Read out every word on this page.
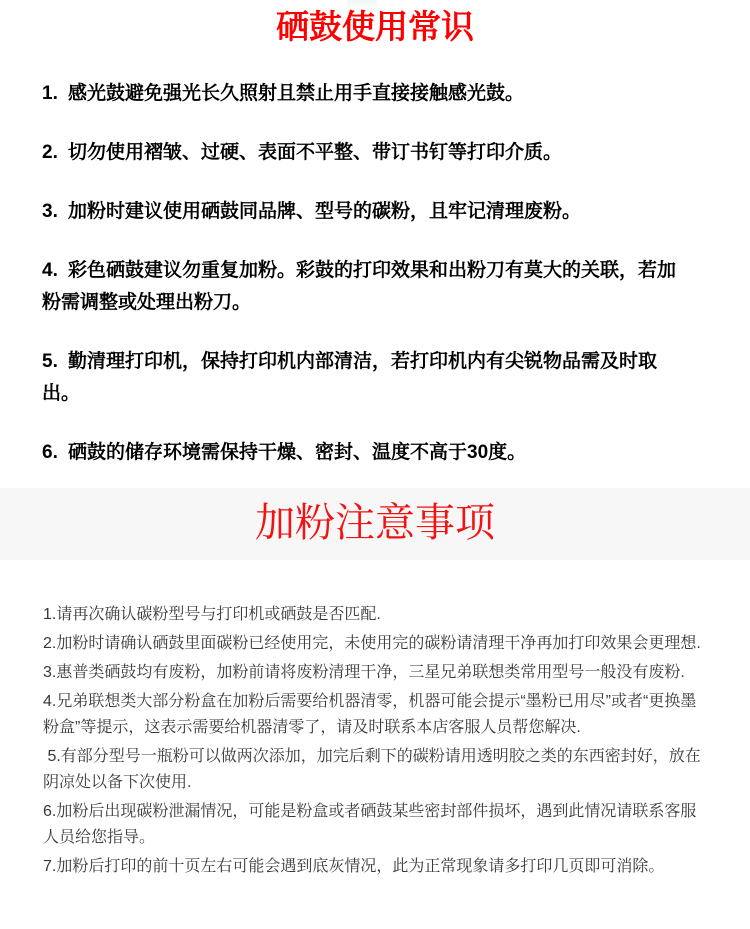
硒鼓使用常识
1. 感光鼓避免强光长久照射且禁止用手直接接触感光鼓。
2. 切勿使用褶皱、过硬、表面不平整、带订书钉等打印介质。
3. 加粉时建议使用硒鼓同品牌、型号的碳粉，且牢记清理废粉。
4. 彩色硒鼓建议勿重复加粉。彩鼓的打印效果和出粉刀有莫大的关联，若加粉需调整或处理出粉刀。
5. 勤清理打印机，保持打印机内部清洁，若打印机内有尖锐物品需及时取出。
6. 硒鼓的储存环境需保持干燥、密封、温度不高于30度。
加粉注意事项
1.请再次确认碳粉型号与打印机或硒鼓是否匹配.
2.加粉时请确认硒鼓里面碳粉已经使用完，未使用完的碳粉请清理干净再加打印效果会更理想.
3.惠普类硒鼓均有废粉，加粉前请将废粉清理干净，三星兄弟联想类常用型号一般没有废粉.
4.兄弟联想类大部分粉盒在加粉后需要给机器清零，机器可能会提示“墨粉已用尽”或者“更换墨粉盒”等提示，这表示需要给机器清零了，请及时联系本店客服人员帮您解决.
5.有部分型号一瓶粉可以做两次添加，加完后剩下的碳粉请用透明胶之类的东西密封好，放在阴凉处以备下次使用.
6.加粉后出现碳粉泄漏情况，可能是粉盒或者硒鼓某些密封部件损坏，遇到此情况请联系客服人员给您指导。
7.加粉后打印的前十页左右可能会遇到底灰情况，此为正常现象请多打印几页即可消除。
